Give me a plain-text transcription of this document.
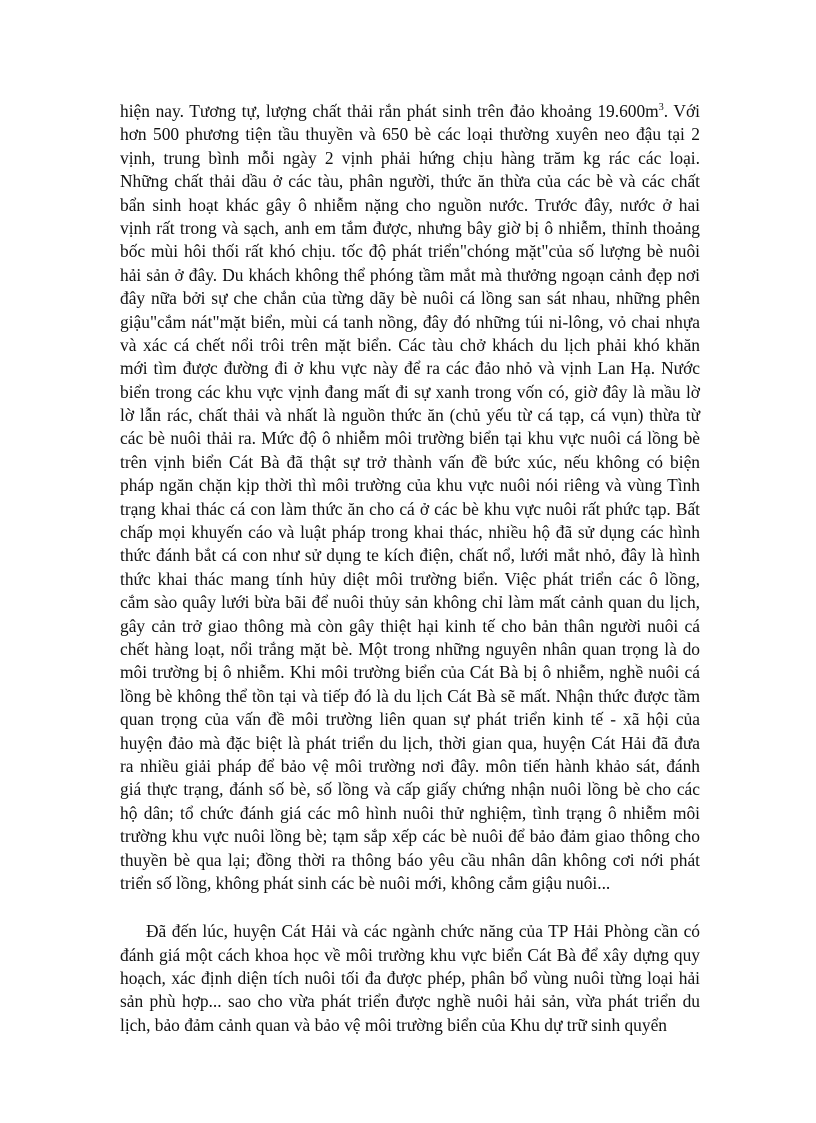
hiện nay. Tương tự, lượng chất thải rắn phát sinh trên đảo khoảng $19.600m^3$. Với
hơn 500 phương tiện tầu thuyền và 650 bè các loại thường xuyên neo đậu tại 2
vịnh, trung bình mỗi ngày 2 vịnh phải hứng chịu hàng trăm kg rác các loại.
Những chất thải dầu ở các tàu, phân người, thức ăn thừa của các bè và các chất
bẩn sinh hoạt khác gây ô nhiễm nặng cho nguồn nước. Trước đây, nước ở hai
vịnh rất trong và sạch, anh em tắm được, nhưng bây giờ bị ô nhiễm, thỉnh thoảng
bốc mùi hôi thối rất khó chịu. tốc độ phát triển"chóng mặt"của số lượng bè nuôi
hải sản ở đây. Du khách không thể phóng tầm mắt mà thưởng ngoạn cảnh đẹp nơi
đây nữa bởi sự che chắn của từng dãy bè nuôi cá lồng san sát nhau, những phên
giậu"cắm nát"mặt biển, mùi cá tanh nồng, đây đó những túi ni-lông, vỏ chai nhựa
và xác cá chết nổi trôi trên mặt biển. Các tàu chở khách du lịch phải khó khăn
mới tìm được đường đi ở khu vực này để ra các đảo nhỏ và vịnh Lan Hạ. Nước
biển trong các khu vực vịnh đang mất đi sự xanh trong vốn có, giờ đây là mầu lờ
lờ lẫn rác, chất thải và nhất là nguồn thức ăn (chủ yếu từ cá tạp, cá vụn) thừa từ
các bè nuôi thải ra. Mức độ ô nhiễm môi trường biển tại khu vực nuôi cá lồng bè
trên vịnh biển Cát Bà đã thật sự trở thành vấn đề bức xúc, nếu không có biện
pháp ngăn chặn kịp thời thì môi trường của khu vực nuôi nói riêng và vùng Tình
trạng khai thác cá con làm thức ăn cho cá ở các bè khu vực nuôi rất phức tạp. Bất
chấp mọi khuyến cáo và luật pháp trong khai thác, nhiều hộ đã sử dụng các hình
thức đánh bắt cá con như sử dụng te kích điện, chất nổ, lưới mắt nhỏ, đây là hình
thức khai thác mang tính hủy diệt môi trường biển. Việc phát triển các ô lồng,
cắm sào quây lưới bừa bãi để nuôi thủy sản không chỉ làm mất cảnh quan du lịch,
gây cản trở giao thông mà còn gây thiệt hại kinh tế cho bản thân người nuôi cá
chết hàng loạt, nổi trắng mặt bè. Một trong những nguyên nhân quan trọng là do
môi trường bị ô nhiễm. Khi môi trường biển của Cát Bà bị ô nhiễm, nghề nuôi cá
lồng bè không thể tồn tại và tiếp đó là du lịch Cát Bà sẽ mất. Nhận thức được tầm
quan trọng của vấn đề môi trường liên quan sự phát triển kinh tế - xã hội của
huyện đảo mà đặc biệt là phát triển du lịch, thời gian qua, huyện Cát Hải đã đưa
ra nhiều giải pháp để bảo vệ môi trường nơi đây. môn tiến hành khảo sát, đánh
giá thực trạng, đánh số bè, số lồng và cấp giấy chứng nhận nuôi lồng bè cho các
hộ dân; tổ chức đánh giá các mô hình nuôi thử nghiệm, tình trạng ô nhiễm môi
trường khu vực nuôi lồng bè; tạm sắp xếp các bè nuôi để bảo đảm giao thông cho
thuyền bè qua lại; đồng thời ra thông báo yêu cầu nhân dân không cơi nới phát
triển số lồng, không phát sinh các bè nuôi mới, không cắm giậu nuôi...
Đã đến lúc, huyện Cát Hải và các ngành chức năng của TP Hải Phòng cần có
đánh giá một cách khoa học về môi trường khu vực biển Cát Bà để xây dựng quy
hoạch, xác định diện tích nuôi tối đa được phép, phân bổ vùng nuôi từng loại hải
sản phù hợp... sao cho vừa phát triển được nghề nuôi hải sản, vừa phát triển du
lịch, bảo đảm cảnh quan và bảo vệ môi trường biển của Khu dự trữ sinh quyển
